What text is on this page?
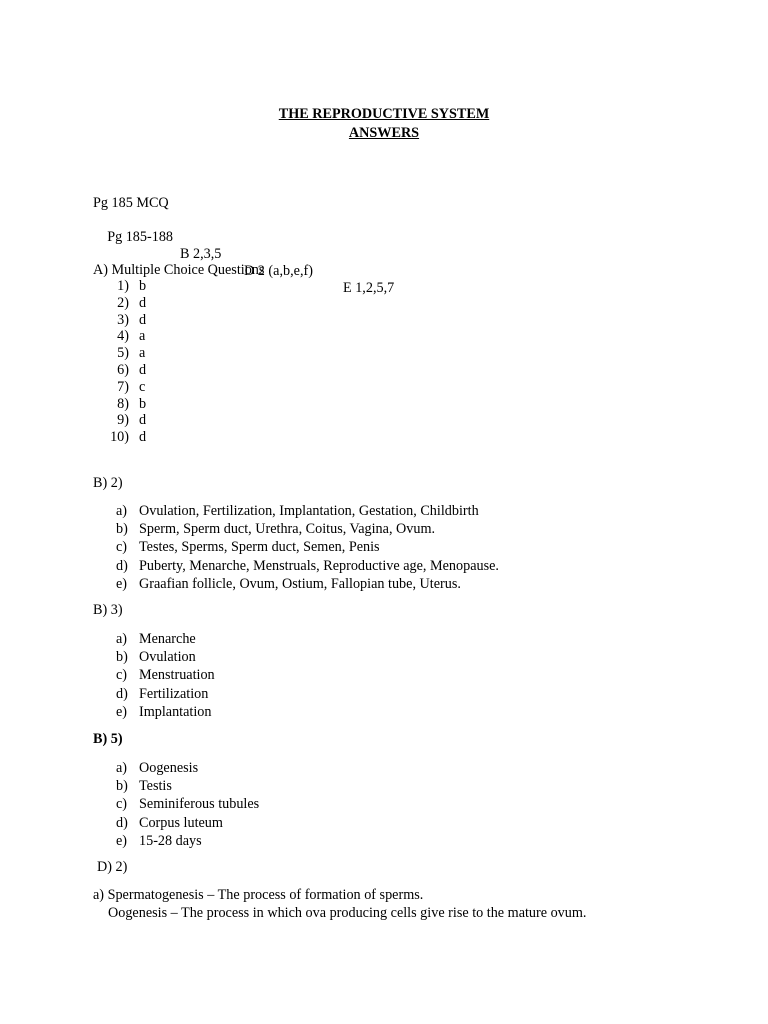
THE REPRODUCTIVE SYSTEM
ANSWERS
Pg 185 MCQ

Pg 185-188

B 2,3,5

D 2 (a,b,e,f)

E 1,2,5,7

A) Multiple Choice Questions
1) b
2) d
3) d
4) a
5) a
6) d
7) c
8) b
9) d
10) d
B) 2)
a) Ovulation, Fertilization, Implantation, Gestation, Childbirth
b) Sperm, Sperm duct, Urethra, Coitus, Vagina, Ovum.
c) Testes, Sperms, Sperm duct, Semen, Penis
d) Puberty, Menarche, Menstruals, Reproductive age, Menopause.
e) Graafian follicle, Ovum, Ostium, Fallopian tube, Uterus.
B) 3)
a) Menarche
b) Ovulation
c) Menstruation
d) Fertilization
e) Implantation
B) 5)
a) Oogenesis
b) Testis
c) Seminiferous tubules
d) Corpus luteum
e) 15-28 days
D) 2)
a) Spermatogenesis – The process of formation of sperms.
Oogenesis – The process in which ova producing cells give rise to the mature ovum.
